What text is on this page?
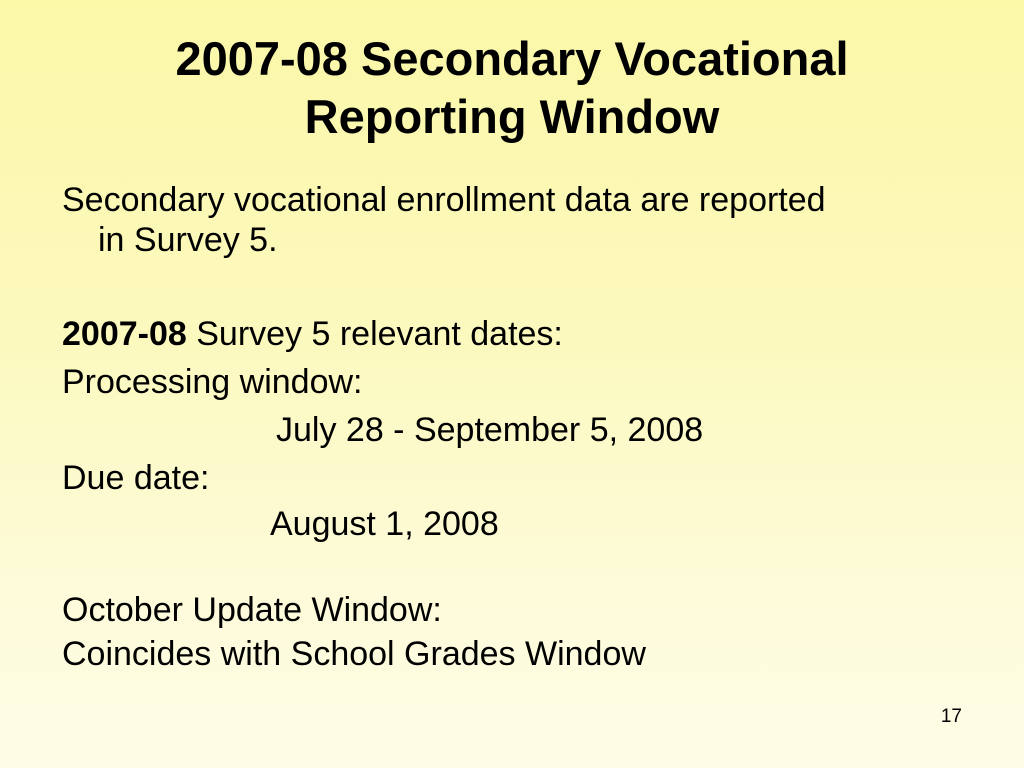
2007-08 Secondary Vocational
Reporting Window
Secondary vocational enrollment data are reported
in Survey 5.
2007-08 Survey 5 relevant dates:
Processing window:
July 28 - September 5, 2008
Due date:
August 1, 2008
October Update Window:
Coincides with School Grades Window
17
